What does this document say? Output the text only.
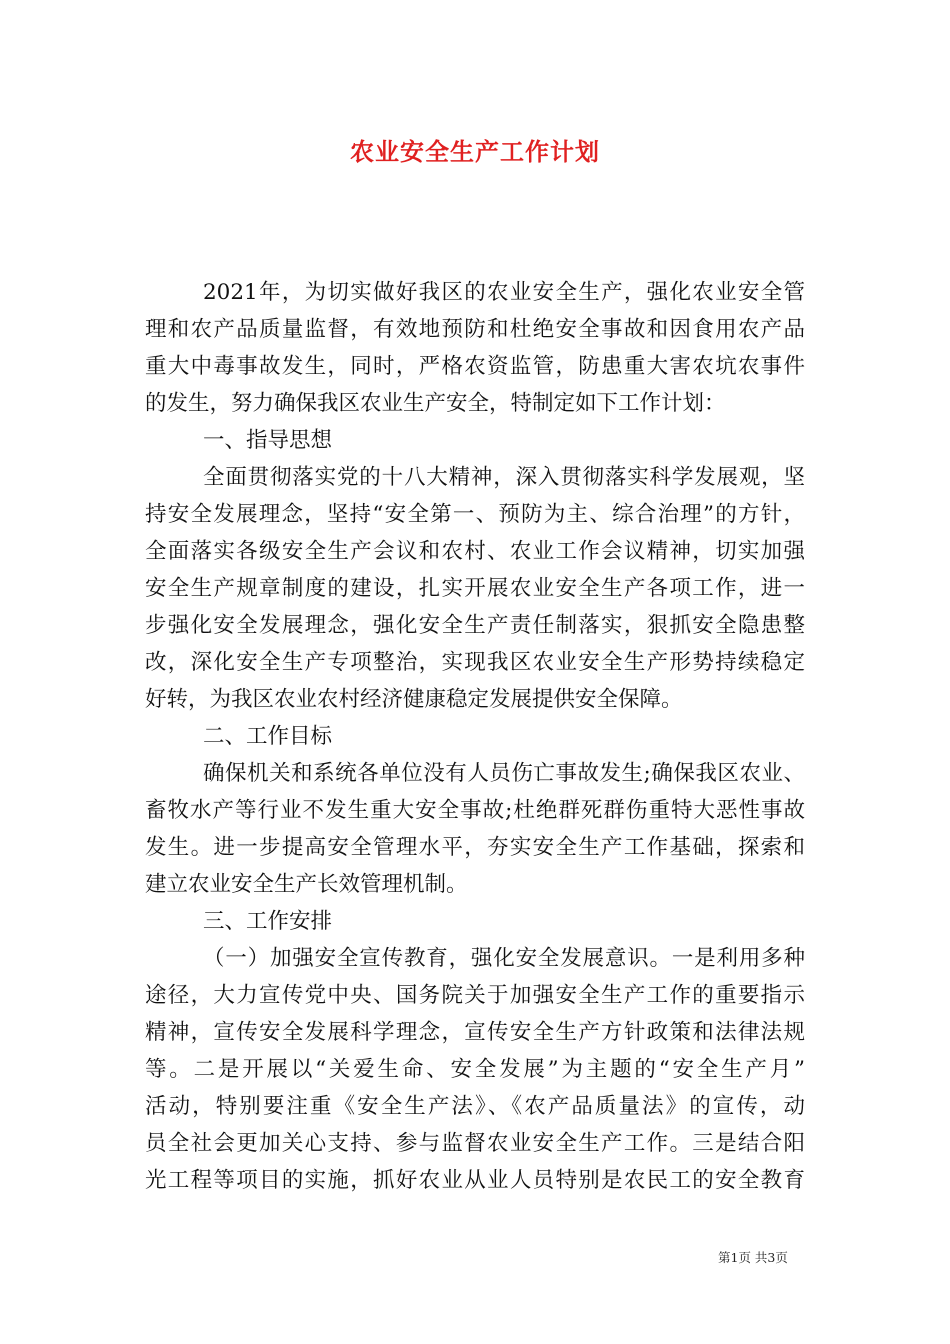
农业安全生产工作计划
2021年，为切实做好我区的农业安全生产，强化农业安全管
理和农产品质量监督，有效地预防和杜绝安全事故和因食用农产品
重大中毒事故发生，同时，严格农资监管，防患重大害农坑农事件
的发生，努力确保我区农业生产安全，特制定如下工作计划：
一、指导思想
全面贯彻落实党的十八大精神，深入贯彻落实科学发展观，坚
持安全发展理念，坚持“安全第一、预防为主、综合治理”的方针，
全面落实各级安全生产会议和农村、农业工作会议精神，切实加强
安全生产规章制度的建设，扎实开展农业安全生产各项工作，进一
步强化安全发展理念，强化安全生产责任制落实，狠抓安全隐患整
改，深化安全生产专项整治，实现我区农业安全生产形势持续稳定
好转，为我区农业农村经济健康稳定发展提供安全保障。
二、工作目标
确保机关和系统各单位没有人员伤亡事故发生;确保我区农业、
畜牧水产等行业不发生重大安全事故;杜绝群死群伤重特大恶性事故
发生。进一步提高安全管理水平，夯实安全生产工作基础，探索和
建立农业安全生产长效管理机制。
三、工作安排
（一）加强安全宣传教育，强化安全发展意识。一是利用多种
途径，大力宣传党中央、国务院关于加强安全生产工作的重要指示
精神，宣传安全发展科学理念，宣传安全生产方针政策和法律法规
等。二是开展以“关爱生命、安全发展”为主题的“安全生产月”
活动，特别要注重《安全生产法》、《农产品质量法》的宣传，动
员全社会更加关心支持、参与监督农业安全生产工作。三是结合阳
光工程等项目的实施，抓好农业从业人员特别是农民工的安全教育
第1页 共3页
